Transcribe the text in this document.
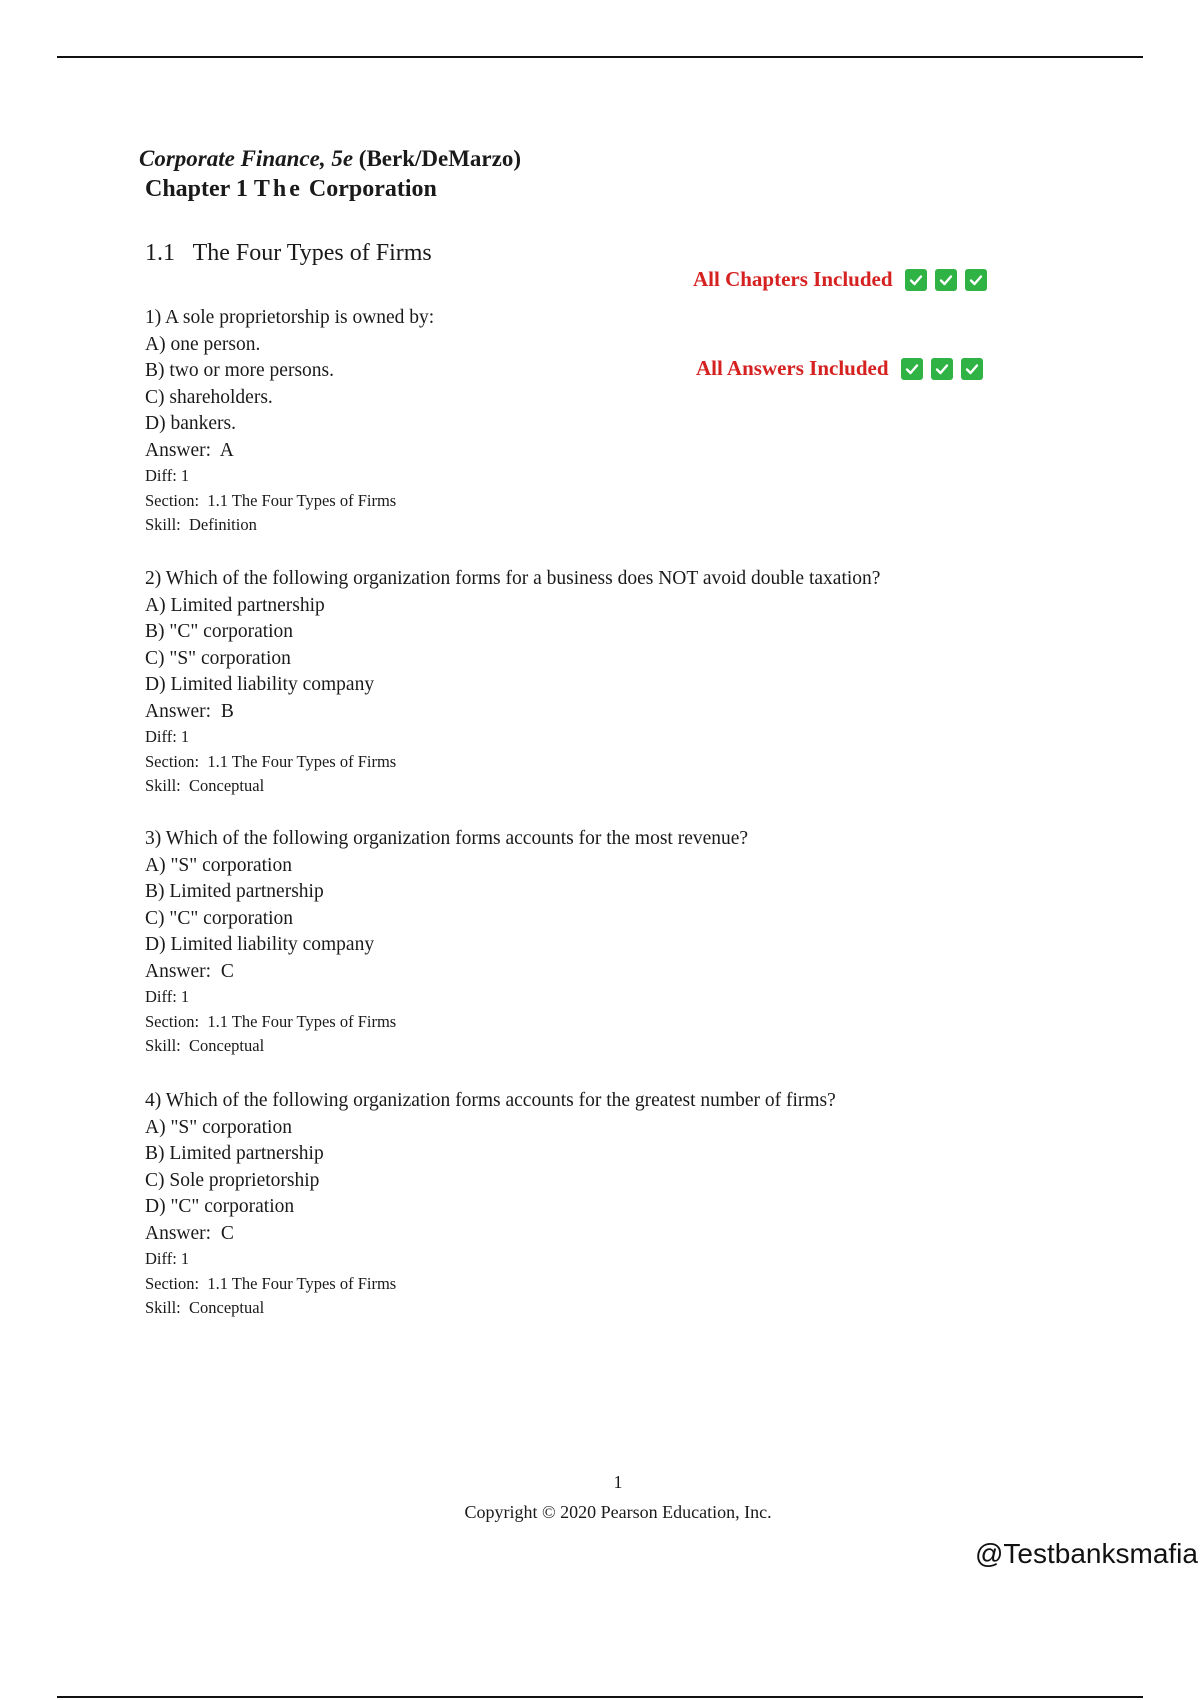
Corporate Finance, 5e (Berk/DeMarzo)
Chapter 1 The Corporation
1.1   The Four Types of Firms
All Chapters Included
All Answers Included
1) A sole proprietorship is owned by:
A) one person.
B) two or more persons.
C) shareholders.
D) bankers.
Answer:  A
Diff: 1
Section:  1.1 The Four Types of Firms
Skill:  Definition
2) Which of the following organization forms for a business does NOT avoid double taxation?
A) Limited partnership
B) "C" corporation
C) "S" corporation
D) Limited liability company
Answer:  B
Diff: 1
Section:  1.1 The Four Types of Firms
Skill:  Conceptual
3) Which of the following organization forms accounts for the most revenue?
A) "S" corporation
B) Limited partnership
C) "C" corporation
D) Limited liability company
Answer:  C
Diff: 1
Section:  1.1 The Four Types of Firms
Skill:  Conceptual
4) Which of the following organization forms accounts for the greatest number of firms?
A) "S" corporation
B) Limited partnership
C) Sole proprietorship
D) "C" corporation
Answer:  C
Diff: 1
Section:  1.1 The Four Types of Firms
Skill:  Conceptual
1
Copyright © 2020 Pearson Education, Inc.
@Testbanksmafia
